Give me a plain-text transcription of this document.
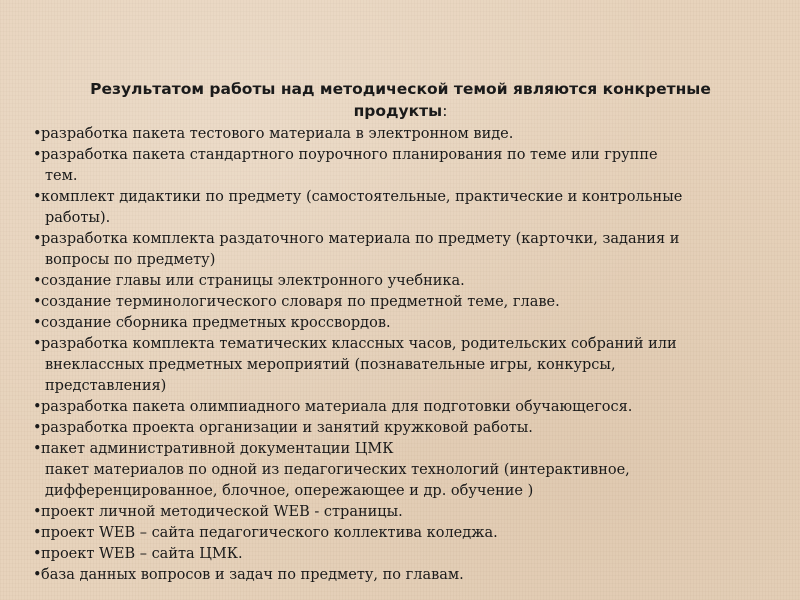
Результатом работы над методической темой являются конкретные продукты:
• разработка пакета тестового материала в электронном виде.
• разработка пакета стандартного поурочного планирования по теме или группе
тем.
• комплект дидактики по предмету (самостоятельные, практические и контрольные
работы).
• разработка комплекта раздаточного материала по предмету (карточки, задания и
вопросы по предмету)
• создание главы или страницы электронного учебника.
• создание терминологического словаря по предметной теме, главе.
• создание сборника предметных кроссвордов.
• разработка комплекта тематических классных часов, родительских собраний или
внеклассных предметных мероприятий (познавательные игры, конкурсы,
представления)
• разработка пакета олимпиадного материала для подготовки обучающегося.
• разработка проекта организации и занятий кружковой работы.
• пакет административной документации ЦМК
пакет материалов по одной из педагогических технологий (интерактивное,
дифференцированное, блочное, опережающее и др. обучение )
• проект личной методической WEB - страницы.
• проект WEB – сайта педагогического коллектива коледжа.
• проект WEB – сайта ЦМК.
• база данных вопросов и задач по предмету, по главам.
